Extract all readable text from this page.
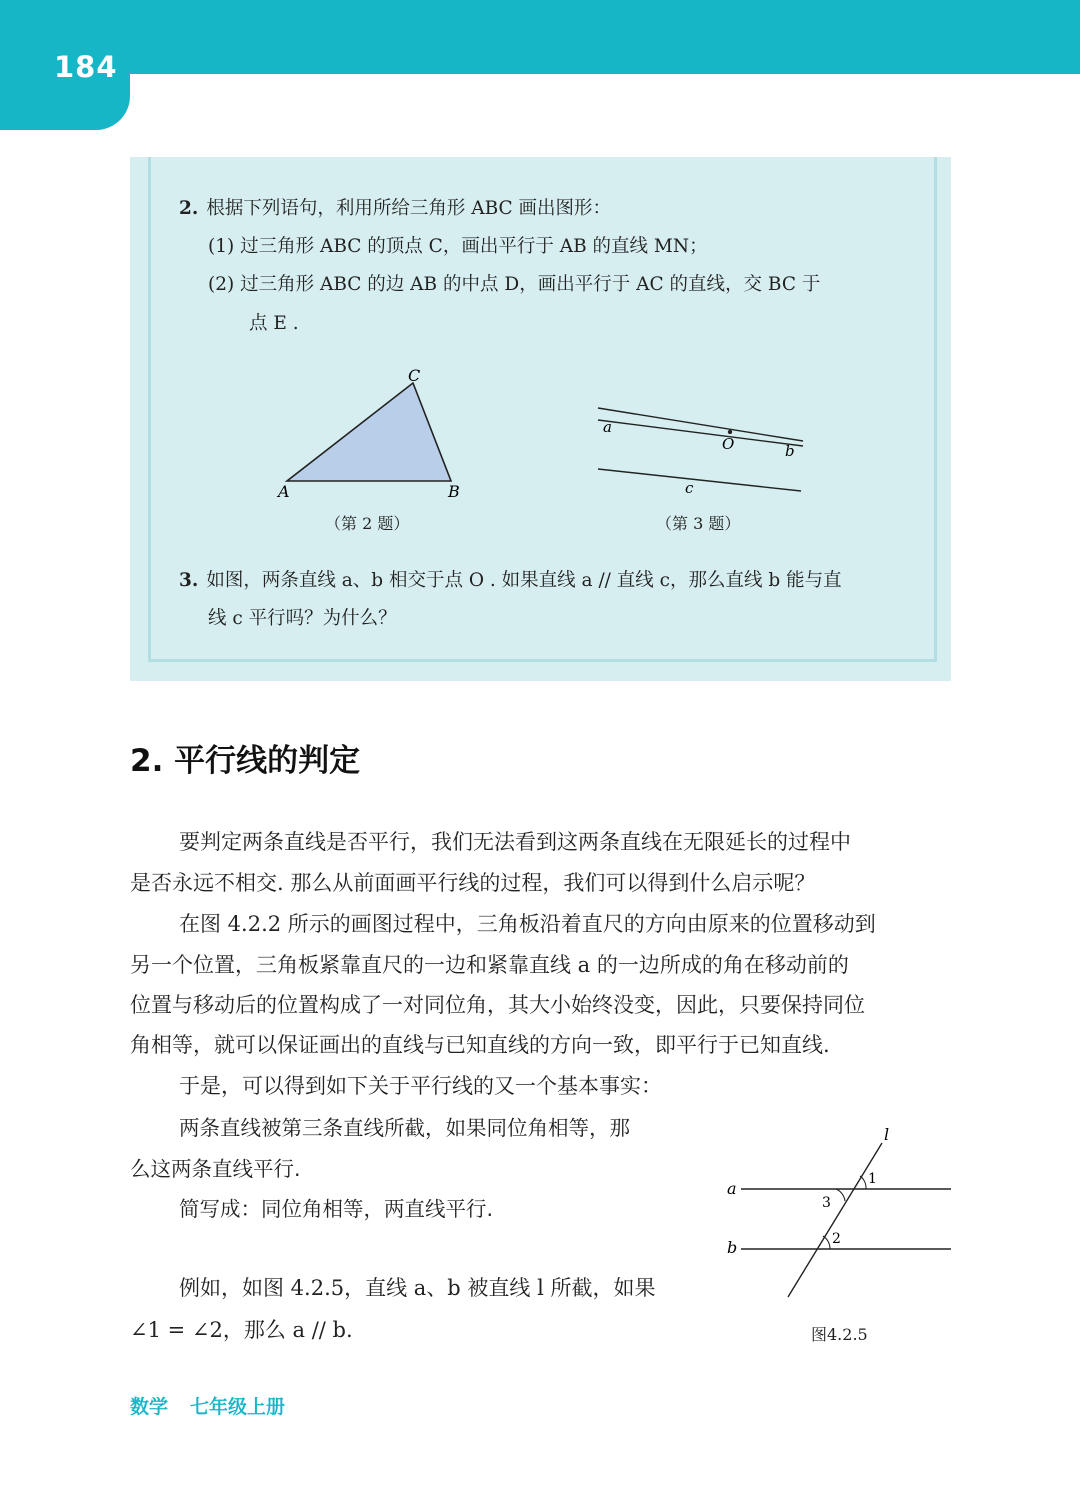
184
2. 根据下列语句，利用所给三角形 ABC 画出图形：
(1) 过三角形 ABC 的顶点 C，画出平行于 AB 的直线 MN；
(2) 过三角形 ABC 的边 AB 的中点 D，画出平行于 AC 的直线，交 BC 于
点 E .
A	B
C
a
b
c
O
l
a
b
1
3
2
（第 2 题）	（第 3 题）
3. 如图，两条直线 a、b 相交于点 O . 如果直线 a // 直线 c，那么直线 b 能与直
线 c 平行吗？为什么？
2. 平行线的判定
要判定两条直线是否平行，我们无法看到这两条直线在无限延长的过程中
是否永远不相交. 那么从前面画平行线的过程，我们可以得到什么启示呢？
在图 4.2.2 所示的画图过程中，三角板沿着直尺的方向由原来的位置移动到
另一个位置，三角板紧靠直尺的一边和紧靠直线 a 的一边所成的角在移动前的
位置与移动后的位置构成了一对同位角，其大小始终没变，因此，只要保持同位
角相等，就可以保证画出的直线与已知直线的方向一致，即平行于已知直线.
于是，可以得到如下关于平行线的又一个基本事实：
两条直线被第三条直线所截，如果同位角相等，那
么这两条直线平行.
简写成：同位角相等，两直线平行.
例如，如图 4.2.5，直线 a、b 被直线 l 所截，如果
∠1 = ∠2，那么 a // b.	图4.2.5
数学 七年级上册
